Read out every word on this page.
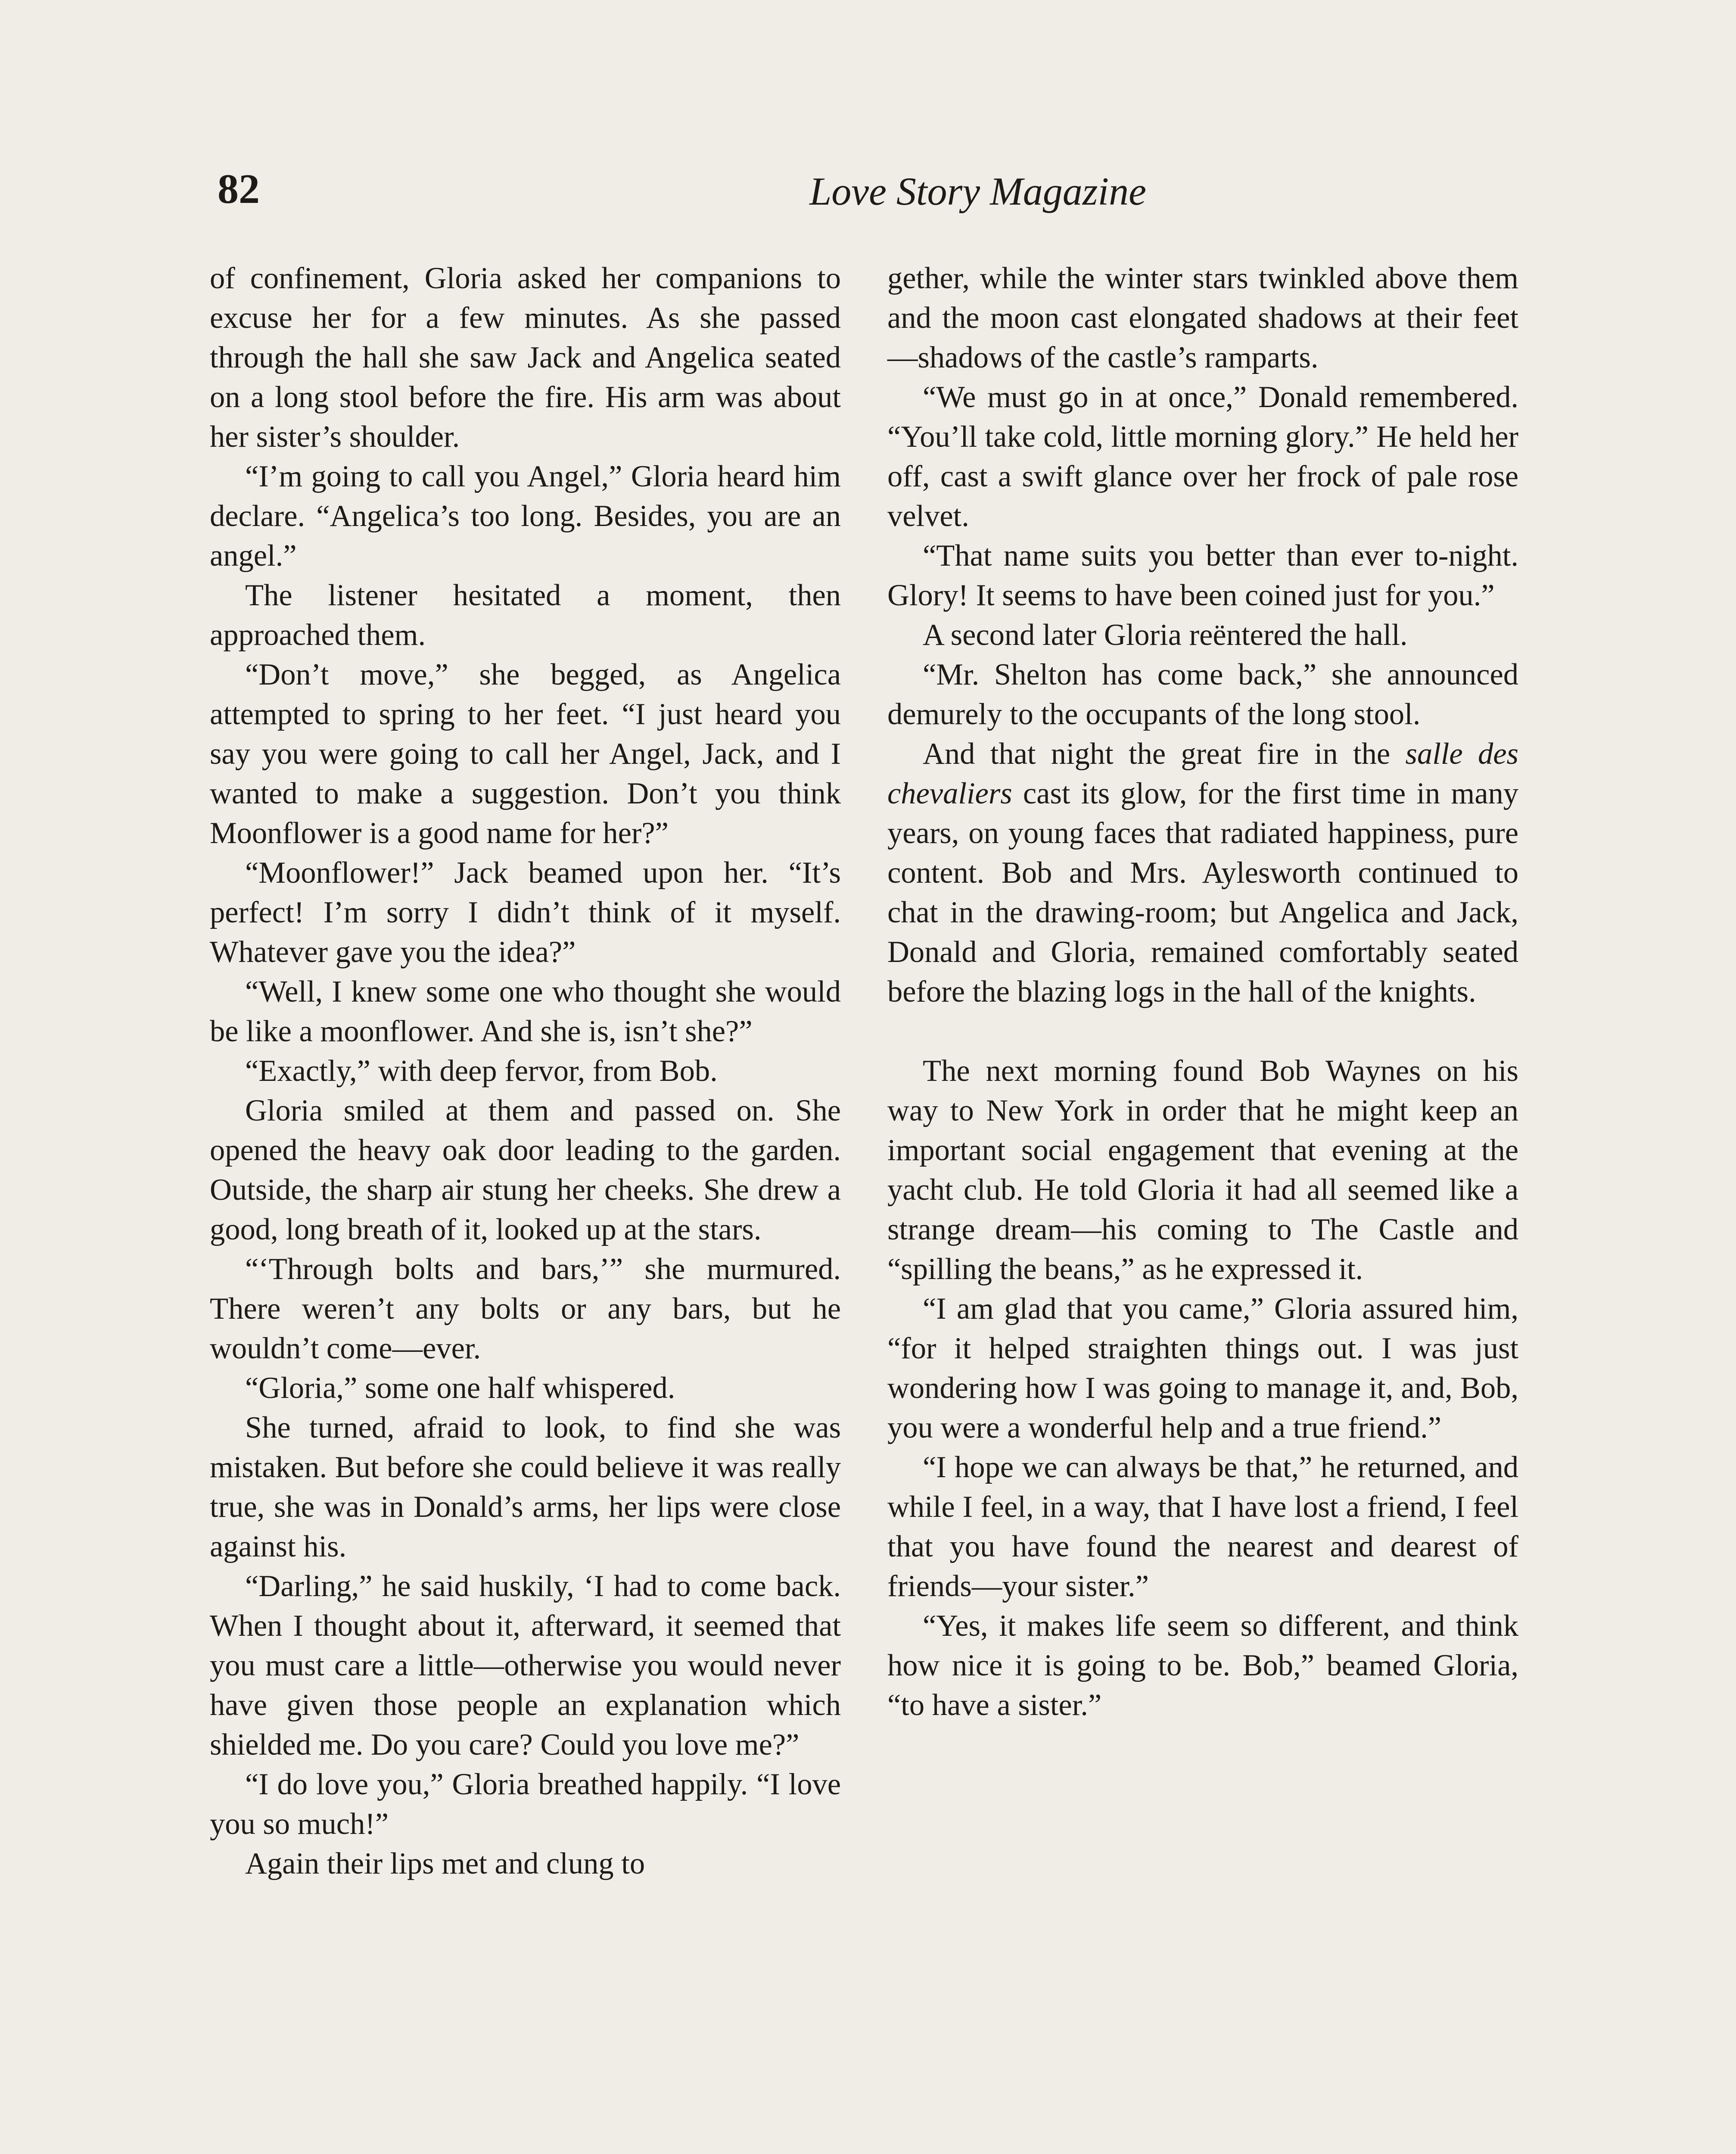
82	Love Story Magazine

of confinement, Gloria asked her companions to excuse her for a few minutes. As she passed through the hall she saw Jack and Angelica seated on a long stool before the fire. His arm was about her sister’s shoulder.

“I’m going to call you Angel,” Gloria heard him declare. “Angelica’s too long. Besides, you are an angel.”

The listener hesitated a moment, then approached them.

“Don’t move,” she begged, as Angelica attempted to spring to her feet. “I just heard you say you were going to call her Angel, Jack, and I wanted to make a suggestion. Don’t you think Moonflower is a good name for her?”

“Moonflower!” Jack beamed upon her. “It’s perfect! I’m sorry I didn’t think of it myself. Whatever gave you the idea?”

“Well, I knew some one who thought she would be like a moonflower. And she is, isn’t she?”

“Exactly,” with deep fervor, from Bob.

Gloria smiled at them and passed on. She opened the heavy oak door leading to the garden. Outside, the sharp air stung her cheeks. She drew a good, long breath of it, looked up at the stars.

“‘Through bolts and bars,’” she murmured. There weren’t any bolts or any bars, but he wouldn’t come—ever.

“Gloria,” some one half whispered.

She turned, afraid to look, to find she was mistaken. But before she could believe it was really true, she was in Donald’s arms, her lips were close against his.

“Darling,” he said huskily, ‘I had to come back. When I thought about it, afterward, it seemed that you must care a little—otherwise you would never have given those people an explanation which shielded me. Do you care? Could you love me?”

“I do love you,” Gloria breathed happily. “I love you so much!”

Again their lips met and clung to

gether, while the winter stars twinkled above them and the moon cast elongated shadows at their feet—shadows of the castle’s ramparts.

“We must go in at once,” Donald remembered. “You’ll take cold, little morning glory.” He held her off, cast a swift glance over her frock of pale rose velvet.

“That name suits you better than ever to-night. Glory! It seems to have been coined just for you.”

A second later Gloria reëntered the hall.

“Mr. Shelton has come back,” she announced demurely to the occupants of the long stool.

And that night the great fire in the salle des chevaliers cast its glow, for the first time in many years, on young faces that radiated happiness, pure content. Bob and Mrs. Aylesworth continued to chat in the drawing-room; but Angelica and Jack, Donald and Gloria, remained comfortably seated before the blazing logs in the hall of the knights.

The next morning found Bob Waynes on his way to New York in order that he might keep an important social engagement that evening at the yacht club. He told Gloria it had all seemed like a strange dream—his coming to The Castle and “spilling the beans,” as he expressed it.

“I am glad that you came,” Gloria assured him, “for it helped straighten things out. I was just wondering how I was going to manage it, and, Bob, you were a wonderful help and a true friend.”

“I hope we can always be that,” he returned, and while I feel, in a way, that I have lost a friend, I feel that you have found the nearest and dearest of friends—your sister.”

“Yes, it makes life seem so different, and think how nice it is going to be. Bob,” beamed Gloria, “to have a sister.”
